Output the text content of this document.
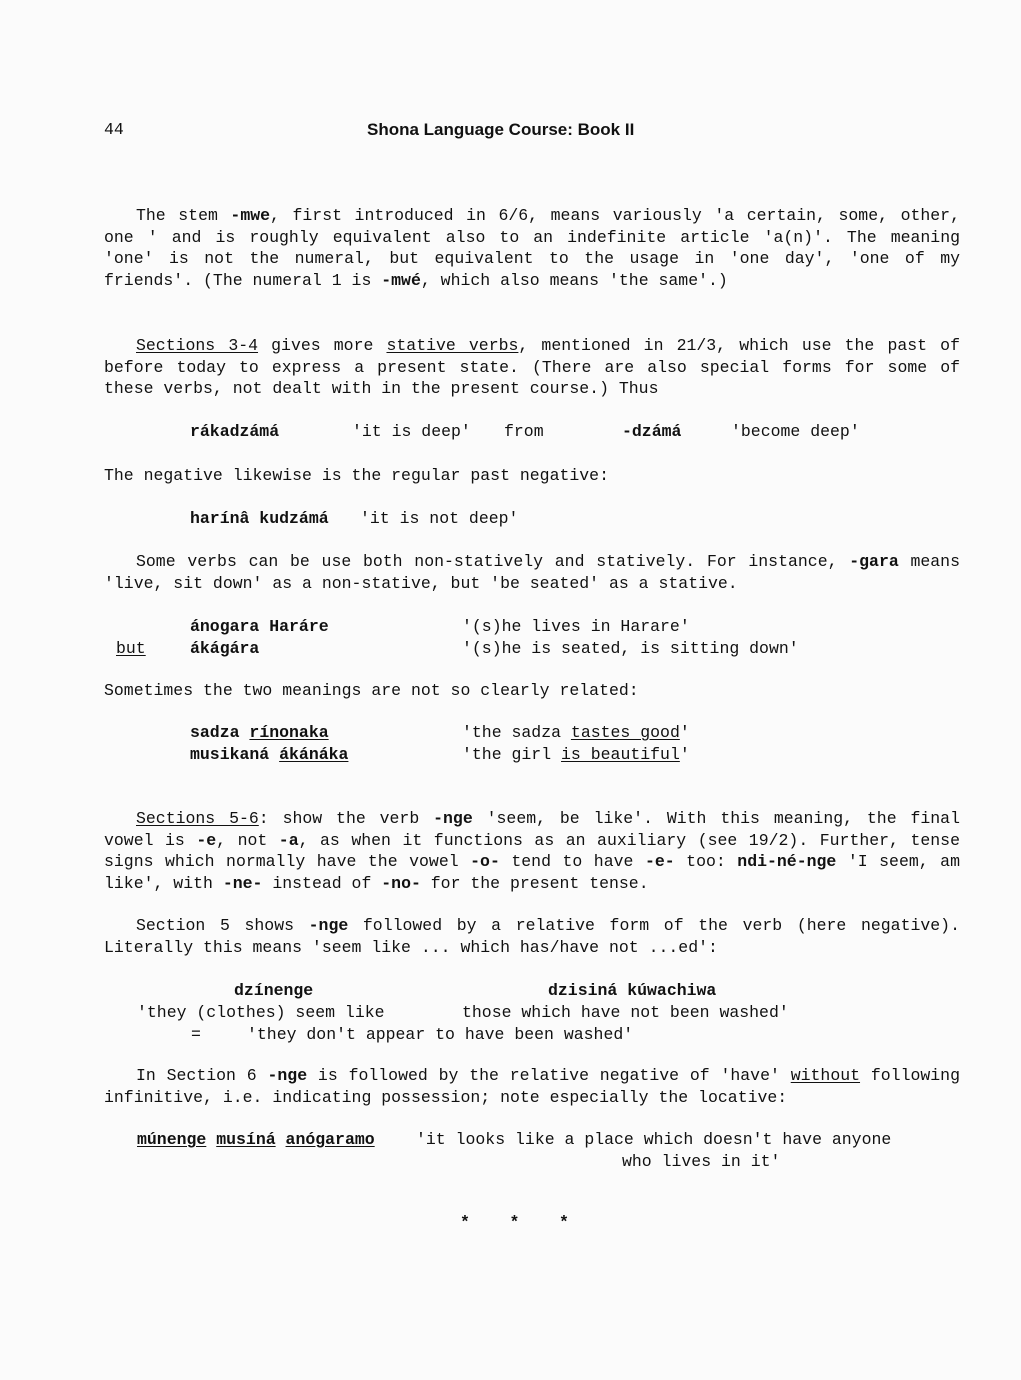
44	Shona Language Course: Book II
The stem -mwe, first introduced in 6/6, means variously 'a certain, some, other, one ' and is roughly equivalent also to an indefinite article 'a(n)'. The meaning 'one' is not the numeral, but equivalent to the usage in 'one day', 'one of my friends'. (The numeral 1 is -mwé, which also means 'the same'.)
Sections 3-4 gives more stative verbs, mentioned in 21/3, which use the past of before today to express a present state. (There are also special forms for some of these verbs, not dealt with in the present course.) Thus
rákadzámá	'it is deep' from	-dzámá	'become deep'
The negative likewise is the regular past negative:
harínâ kudzámá 'it is not deep'
Some verbs can be use both non-statively and statively. For instance, -gara means 'live, sit down' as a non-stative, but 'be seated' as a stative.
ánogara Haráre	'(s)he lives in Harare'
but	ákágára	'(s)he is seated, is sitting down'
Sometimes the two meanings are not so clearly related:
sadza rínonaka	'the sadza tastes good'
musikaná ákánáka	'the girl is beautiful'
Sections 5-6: show the verb -nge 'seem, be like'. With this meaning, the final vowel is -e, not -a, as when it functions as an auxiliary (see 19/2). Further, tense signs which normally have the vowel -o- tend to have -e- too: ndi-né-nge 'I seem, am like', with -ne- instead of -no- for the present tense.
Section 5 shows -nge followed by a relative form of the verb (here negative). Literally this means 'seem like ... which has/have not ...ed':
dzínenge	dzisiná kúwachiwa
'they (clothes) seem like	those which have not been washed'
=	'they don't appear to have been washed'
In Section 6 -nge is followed by the relative negative of 'have' without following infinitive, i.e. indicating possession; note especially the locative:
múnenge musíná anógaramo	'it looks like a place which doesn't have anyone
who lives in it'
*    *    *
